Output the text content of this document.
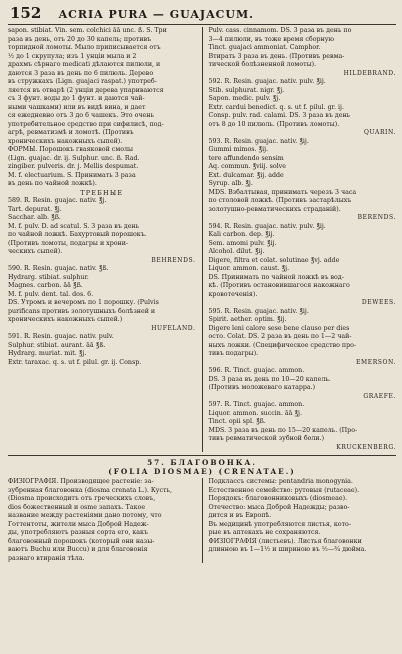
152 ACRIA PURA — GUAJACUM.

sapon. stibiat. Vin. sem. colchici āā unc. ß. S. Три

раза въ день, отъ 20 до 30 капель; противъ

торпидной ломоты. Мыло приписывается отъ

½ до 1 скрупула; изъ 1 унціи мыла и 2

драхмъ сѣрнаго medicati дѣлаются пилюли, и

даются 3 раза въ день по 6 пилюль. Дерево

въ стружкахъ (Lign. guajaci raspat.) употреб-

ляется въ отварѣ (2 унціи дерева упариваются

съ 3 фунт. воды до 1 фунт. и даются чай-

ными чашками) или въ видѣ вина, и дает

ся ежедневно отъ 3 до 6 чашекъ. Это очень

употребительное средство при сифилисѣ, под-

агрѣ, ревматизмѣ и ломотѣ. (Противъ

хроническихъ накожныхъ сыпей).

ФОРМЫ. Порошокъ гваяковой смолы

(Lign. guajac. dr. ij. Sulphur. unc. ß. Rad.

zingiber. pulveris. dr. j. Mellis despumat.

M. f. electuarium. S. Принимать 3 раза

въ день по чайной ложкѣ).

ТРЕБНЫЕ

589. R. Resin. guajac. nativ. ℥j.

Tart. depurat. ℥j.

Sacchar. alb. ℥ß.

M. f. pulv. D. ad scatul. S. 3 раза въ день

по чайной ложкѣ. Бахуртовый порошокъ.

(Противъ ломоты, подагры и хрони-

ческихъ сыпей).

BEHRENDS.

590. R. Resin. guajac. nativ. ℥ß.

Hydrarg. stibiat. sulphur.

Magnes. carbon. āā ℥ß.

M. f. pulv. dent. tal. dos. 6.

DS. Утромъ и вечеромъ по 1 порошку. (Pulvis

purificans противъ золотушныхъ болѣзней и

хроническихъ накожныхъ сыпей.)

HUFELAND.

591. R. Resin. guajac. nativ. pulv.

Sulphur. stibiat. aurant. āā ℥ß.

Hydrarg. muriat. mit. ℥j.

Extr. taraxac. q. s. ut f. pilul. gr. ij. Consp.

Pulv. cass. cinnamom. DS. 3 раза въ день по

3—4 пилюли, въ тоже время сборную

Tinct. guajaci ammoniat. Camphor.

Втирать 3 раза въ день. (Противъ ревма-

тической болѣзненной ломоты).

HILDEBRAND.

592. R. Resin. guajac. nativ. pulv. ℥ij.

Stib. sulphurat. nigr. ℥j.

Sapon. medic. pulv. ℥j.

Extr. cardui benedict. q. s. ut f. pilul. gr. ij.

Consp. pulv. rad. calami. DS. 3 раза въ день

отъ 8 до 10 пилюль. (Противъ ломоты).

QUARIN.

593. R. Resin. guajac. nativ. ℥ij.

Gummi mimos. ℥ij.

tere affundendo sensim

Aq. commun. ℥viij. solve

Ext. dulcamar. ℥ij. adde

Syrup. alb. ℥j.

MDS. Взбалтывая, принимать черезъ 3 часа

по столовой ложкѣ. (Противъ застарѣлыхъ

золотушно-ревматическихъ страданій).

BERENDS.

594. R. Resin. guajac. nativ. pulv. ℥ij.

Kali carbon. dep. ℥ij.

Sem. amomi pulv. ℥ij.

Alcohol. dilut. ℥ij.

Digere, filtra et colat. solutinae ℥vj. adde

Liquor. ammon. caust. ℥j.

DS. Принимать по чайной ложкѣ въ вод-

кѣ. (Противъ остановившагося накожнаго

кровотеченія).

DEWEES.

595. R. Resin. guajac. nativ. ℥ij.

Spirit. aether. optim. ℥ij.

Digere leni calore sese bene clauso per dies

осто. Colat. DS. 2 раза въ день по 1—2 чай-

ныхъ ложки. (Специфическое средство про-

тивъ подагры).

EMERSON.

596. R. Tinct. guajac. ammon.

DS. 3 раза въ день по 10—20 капель.

(Противъ моложеваго катарра.)

GRAEFE.

597. R. Tinct. guajac. ammon.

Liquor. ammon. succin. āā ℥j.

Tinct. opii spl. ℥ß.

MDS. 3 раза въ день по 15—20 капель. (Про-

тивъ ревматической зубной боли.)

KRUCKENBERG.

57. БЛАГОВОНКА.
(FOLIA DIOSMAE) (CRENATAE.)

ФИЗІОГРАФІЯ. Производящее растеніе: за-

зубренная благовонка (diosma crenata L.). Кусть,

(Diosma происходитъ отъ греческихъ словъ,

dios божественный и osme запахъ. Такое

название между растеніями дано потому, что

Готтентоты, жители мыса Доброй Надеж-

ды, употребляютъ разныя сорта его, какъ

благовонный порошокъ (который они назы-

ваютъ Buchu или Buccu) и для благовонія

разнаго втиранія тѣла.

Подклассъ системы: pentandria monogynia.

Естественное семейство: рутовыя (rutaceae).

Порядокъ: благовонниковыхъ (diosmeae).

Отечество: мыса Доброй Надежды; разво-

дится и въ Европѣ.

Въ медицинѣ употребляются листья, кото-

рые въ аптекахъ не сохраняются.

ФИЗІОГРАФІЯ (листьевъ). Листья благовонки

длинною въ 1—1½ и шириною въ ½—¾ дюйма.
